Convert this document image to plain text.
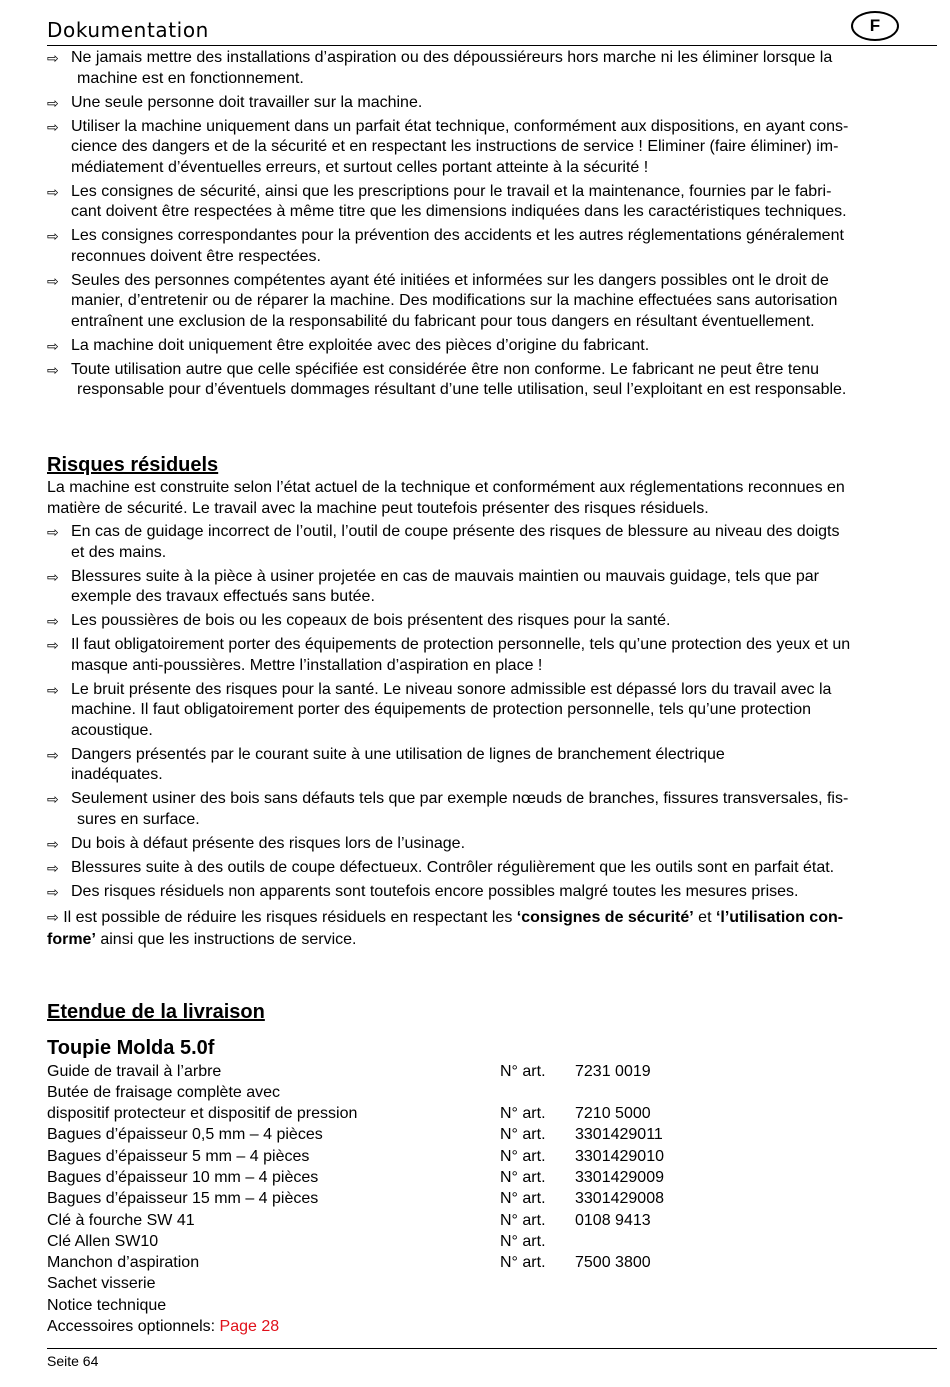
Dokumentation	F
⇨ Ne jamais mettre des installations d’aspiration ou des dépoussiéreurs hors marche ni les éliminer lorsque la
machine est en fonctionnement.
⇨ Une seule personne doit travailler sur la machine.
⇨ Utiliser la machine uniquement dans un parfait état technique, conformément aux dispositions, en ayant cons-
cience des dangers et de la sécurité et en respectant les instructions de service ! Eliminer (faire éliminer) im-
médiatement d’éventuelles erreurs, et surtout celles portant atteinte à la sécurité !
⇨ Les consignes de sécurité, ainsi que les prescriptions pour le travail et la maintenance, fournies par le fabri-
cant doivent être respectées à même titre que les dimensions indiquées dans les caractéristiques techniques.
⇨ Les consignes correspondantes pour la prévention des accidents et les autres réglementations généralement
reconnues doivent être respectées.
⇨ Seules des personnes compétentes ayant été initiées et informées sur les dangers possibles ont le droit de
manier, d’entretenir ou de réparer la machine. Des modifications sur la machine effectuées sans autorisation
entraînent une exclusion de la responsabilité du fabricant pour tous dangers en résultant éventuellement.
⇨ La machine doit uniquement être exploitée avec des pièces d’origine du fabricant.
⇨ Toute utilisation autre que celle spécifiée est considérée être non conforme. Le fabricant ne peut être tenu
responsable pour d’éventuels dommages résultant d’une telle utilisation, seul l’exploitant en est responsable.
Risques résiduels
La machine est construite selon l’état actuel de la technique et conformément aux réglementations reconnues en
matière de sécurité. Le travail avec la machine peut toutefois présenter des risques résiduels.
⇨ En cas de guidage incorrect de l’outil, l’outil de coupe présente des risques de blessure au niveau des doigts
et des mains.
⇨ Blessures suite à la pièce à usiner projetée en cas de mauvais maintien ou mauvais guidage, tels que par
exemple des travaux effectués sans butée.
⇨ Les poussières de bois ou les copeaux de bois présentent des risques pour la santé.
⇨ Il faut obligatoirement porter des équipements de protection personnelle, tels qu’une protection des yeux et un
masque anti-poussières. Mettre l’installation d’aspiration en place !
⇨ Le bruit présente des risques pour la santé. Le niveau sonore admissible est dépassé lors du travail avec la
machine. Il faut obligatoirement porter des équipements de protection personnelle, tels qu’une protection
acoustique.
⇨ Dangers présentés par le courant suite à une utilisation de lignes de branchement électrique
inadéquates.
⇨ Seulement usiner des bois sans défauts tels que par exemple nœuds de branches, fissures transversales, fis-
sures en surface.
⇨ Du bois à défaut présente des risques lors de l’usinage.
⇨ Blessures suite à des outils de coupe défectueux. Contrôler régulièrement que les outils sont en parfait état.
⇨ Des risques résiduels non apparents sont toutefois encore possibles malgré toutes les mesures prises.
⇨ Il est possible de réduire les risques résiduels en respectant les ‘consignes de sécurité’ et ‘l’utilisation con-
forme’ ainsi que les instructions de service.
Etendue de la livraison
Toupie Molda 5.0f
Guide de travail à l’arbre	N° art. 7231 0019
Butée de fraisage complète avec
dispositif protecteur et dispositif de pression	N° art. 7210 5000
Bagues d’épaisseur 0,5 mm – 4 pièces	N° art. 3301429011
Bagues d’épaisseur 5 mm – 4 pièces	N° art. 3301429010
Bagues d’épaisseur 10 mm – 4 pièces	N° art. 3301429009
Bagues d’épaisseur 15 mm – 4 pièces	N° art. 3301429008
Clé à fourche SW 41	N° art. 0108 9413
Clé Allen SW10	N° art.
Manchon d’aspiration	N° art. 7500 3800
Sachet visserie
Notice technique
Accessoires optionnels: Page 28
Seite 64
